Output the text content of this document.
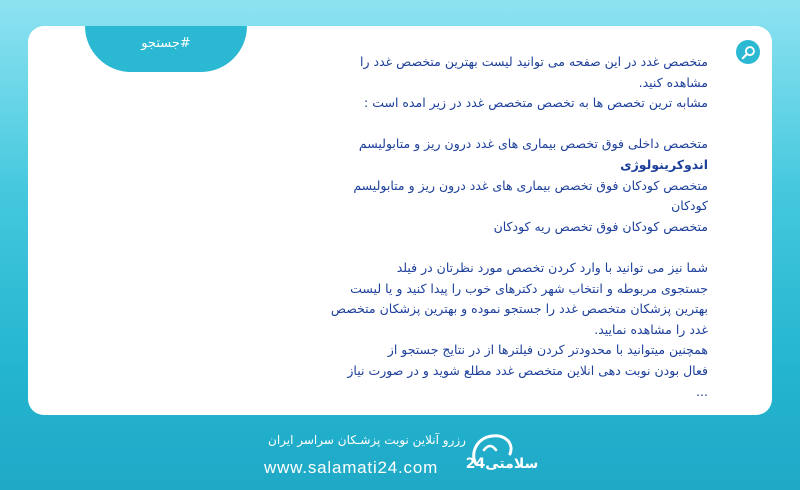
#جستجو

متخصص غدد در این صفحه می توانید لیست بهترین متخصص غدد را

مشاهده کنید.

مشابه ترین تخصص ها به تخصص متخصص غدد در زیر امده است :

متخصص داخلی فوق تخصص بیماری های غدد درون ریز و متابولیسم

اندوکرینولوژی

متخصص کودکان فوق تخصص بیماری های غدد درون ریز و متابولیسم

کودکان

متخصص کودکان فوق تخصص ریه کودکان

شما نیز می توانید با وارد کردن تخصص مورد نظرتان در فیلد

جستجوی مربوطه و انتخاب شهر دکترهای خوب را پیدا کنید و یا لیست

بهترین پزشکان متخصص غدد را جستجو نموده و بهترین پزشکان متخصص

غدد را مشاهده نمایید.

همچنین میتوانید با محدودتر کردن فیلترها از در نتایج جستجو از

فعال بودن نوبت دهی انلاین متخصص غدد مطلع شوید و در صورت نیاز

...

سلامتی24
رزرو آنلاین نوبت پزشـکان سراسر ایران
www.salamati24.com
